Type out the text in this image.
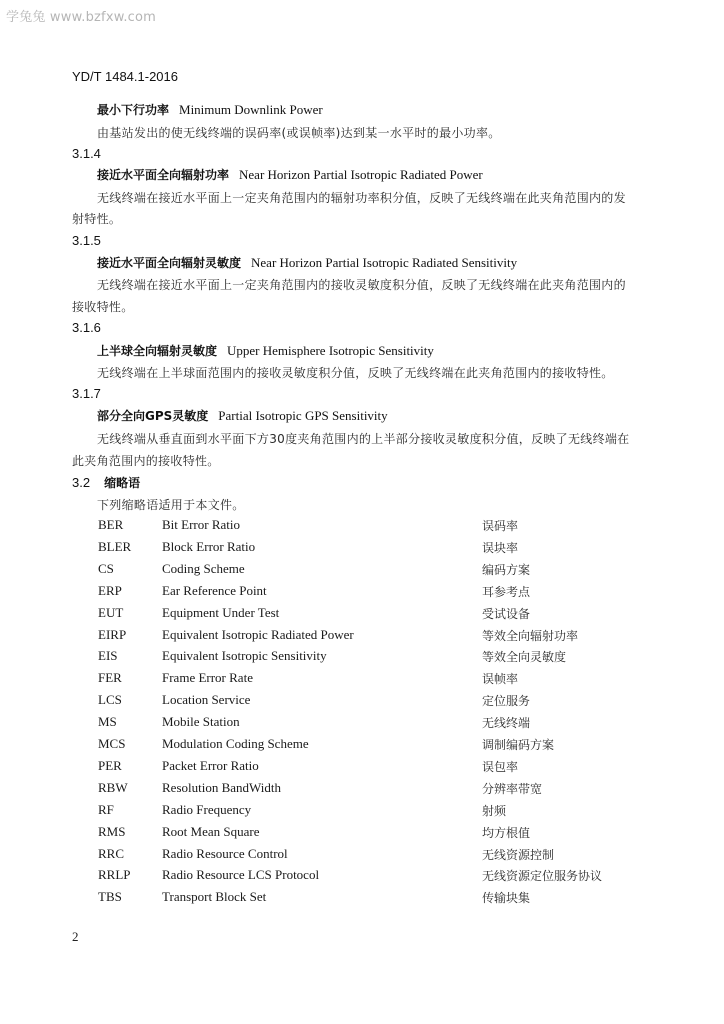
学兔兔 www.bzfxw.com
YD/T 1484.1-2016
最小下行功率 Minimum Downlink Power
由基站发出的使无线终端的误码率(或误帧率)达到某一水平时的最小功率。
3.1.4
接近水平面全向辐射功率 Near Horizon Partial Isotropic Radiated Power
无线终端在接近水平面上一定夹角范围内的辐射功率积分值，反映了无线终端在此夹角范围内的发
射特性。
3.1.5
接近水平面全向辐射灵敏度 Near Horizon Partial Isotropic Radiated Sensitivity
无线终端在接近水平面上一定夹角范围内的接收灵敏度积分值，反映了无线终端在此夹角范围内的
接收特性。
3.1.6
上半球全向辐射灵敏度 Upper Hemisphere Isotropic Sensitivity
无线终端在上半球面范围内的接收灵敏度积分值，反映了无线终端在此夹角范围内的接收特性。
3.1.7
部分全向GPS灵敏度 Partial Isotropic GPS Sensitivity
无线终端从垂直面到水平面下方30度夹角范围内的上半部分接收灵敏度积分值，反映了无线终端在
此夹角范围内的接收特性。
3.2 缩略语
下列缩略语适用于本文件。
BER	Bit Error Ratio	误码率
BLER Block Error Ratio	误块率
CS	Coding Scheme	编码方案
ERP	Ear Reference Point	耳参考点
EUT	Equipment Under Test	受试设备
EIRP	Equivalent Isotropic Radiated Power	等效全向辐射功率
EIS	Equivalent Isotropic Sensitivity	等效全向灵敏度
FER	Frame Error Rate	误帧率
LCS	Location Service	定位服务
MS	Mobile Station	无线终端
MCS	Modulation Coding Scheme	调制编码方案
PER	Packet Error Ratio	误包率
RBW	Resolution BandWidth	分辨率带宽
RF	Radio Frequency	射频
RMS	Root Mean Square	均方根值
RRC	Radio Resource Control	无线资源控制
RRLP Radio Resource LCS Protocol	无线资源定位服务协议
TBS	Transport Block Set	传输块集
2
